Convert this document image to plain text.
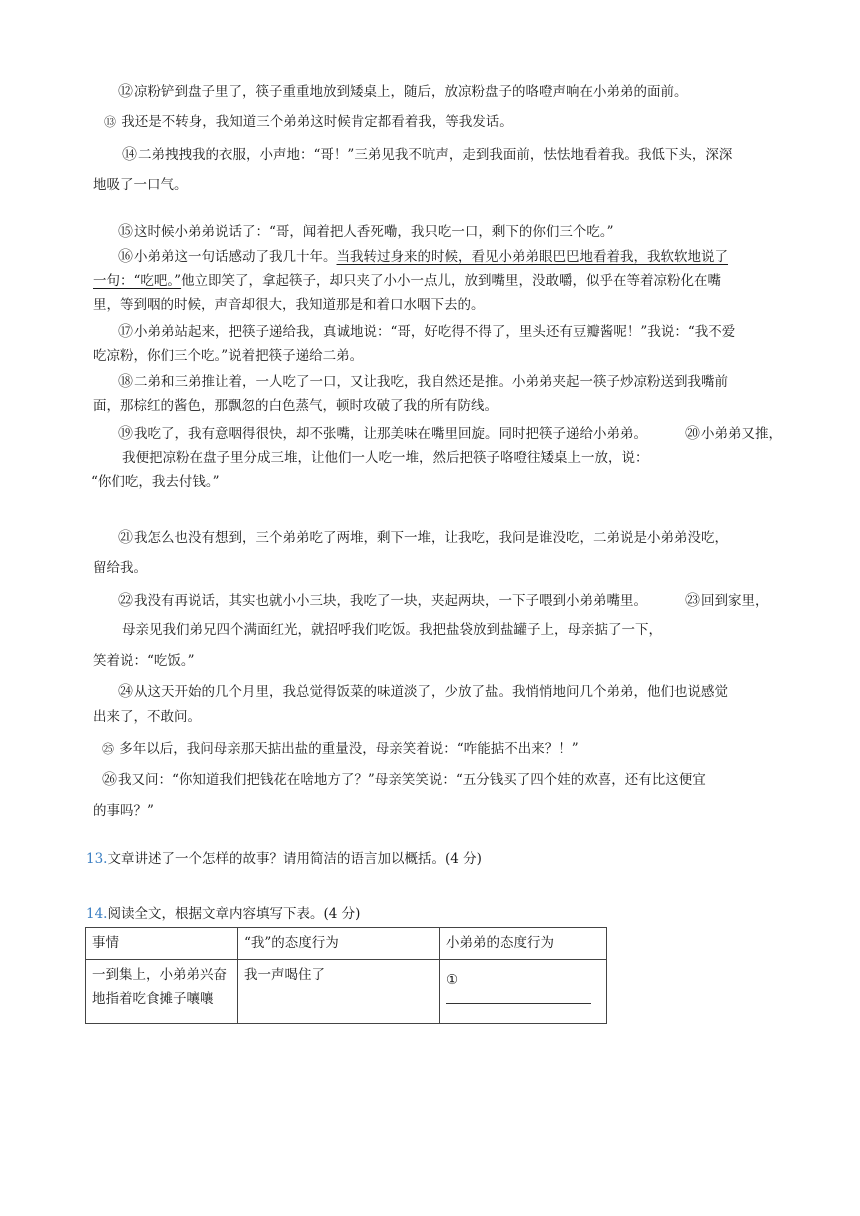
⑫凉粉铲到盘子里了，筷子重重地放到矮桌上，随后，放凉粉盘子的咯噔声响在小弟弟的面前。
⑬ 我还是不转身，我知道三个弟弟这时候肯定都看着我，等我发话。
⑭二弟拽拽我的衣服，小声地：“哥！”三弟见我不吭声，走到我面前，怯怯地看着我。我低下头，深深
地吸了一口气。
⑮这时候小弟弟说话了：“哥，闻着把人香死嘞，我只吃一口，剩下的你们三个吃。”
⑯小弟弟这一句话感动了我几十年。当我转过身来的时候，看见小弟弟眼巴巴地看着我，我软软地说了
一句：“吃吧。”他立即笑了，拿起筷子，却只夹了小小一点儿，放到嘴里，没敢嚼，似乎在等着凉粉化在嘴
里，等到咽的时候，声音却很大，我知道那是和着口水咽下去的。
⑰小弟弟站起来，把筷子递给我，真诚地说：“哥，好吃得不得了，里头还有豆瓣酱呢！”我说：“我不爱
吃凉粉，你们三个吃。”说着把筷子递给二弟。
⑱二弟和三弟推让着，一人吃了一口，又让我吃，我自然还是推。小弟弟夹起一筷子炒凉粉送到我嘴前
面，那棕红的酱色，那飘忽的白色蒸气，顿时攻破了我的所有防线。
⑲我吃了，我有意咽得很快，却不张嘴，让那美味在嘴里回旋。同时把筷子递给小弟弟。	⑳小弟弟又推，
我便把凉粉在盘子里分成三堆，让他们一人吃一堆，然后把筷子咯噔往矮桌上一放，说：
“你们吃，我去付钱。”
㉑我怎么也没有想到，三个弟弟吃了两堆，剩下一堆，让我吃，我问是谁没吃，二弟说是小弟弟没吃，
留给我。
㉒我没有再说话，其实也就小小三块，我吃了一块，夹起两块，一下子喂到小弟弟嘴里。	㉓回到家里，
母亲见我们弟兄四个满面红光，就招呼我们吃饭。我把盐袋放到盐罐子上，母亲掂了一下，
笑着说：“吃饭。”
㉔从这天开始的几个月里，我总觉得饭菜的味道淡了，少放了盐。我悄悄地问几个弟弟，他们也说感觉
出来了，不敢问。
㉕ 多年以后，我问母亲那天掂出盐的重量没，母亲笑着说：“咋能掂不出来？！”
㉖我又问：“你知道我们把钱花在啥地方了？”母亲笑笑说：“五分钱买了四个娃的欢喜，还有比这便宜
的事吗？”
13.文章讲述了一个怎样的故事？请用简洁的语言加以概括。(4 分)
14.阅读全文，根据文章内容填写下表。(4 分)
事情	“我”的态度行为	小弟弟的态度行为

一到集上，小弟弟兴奋
地指着吃食摊子嚷嚷	我一声喝住了	①
